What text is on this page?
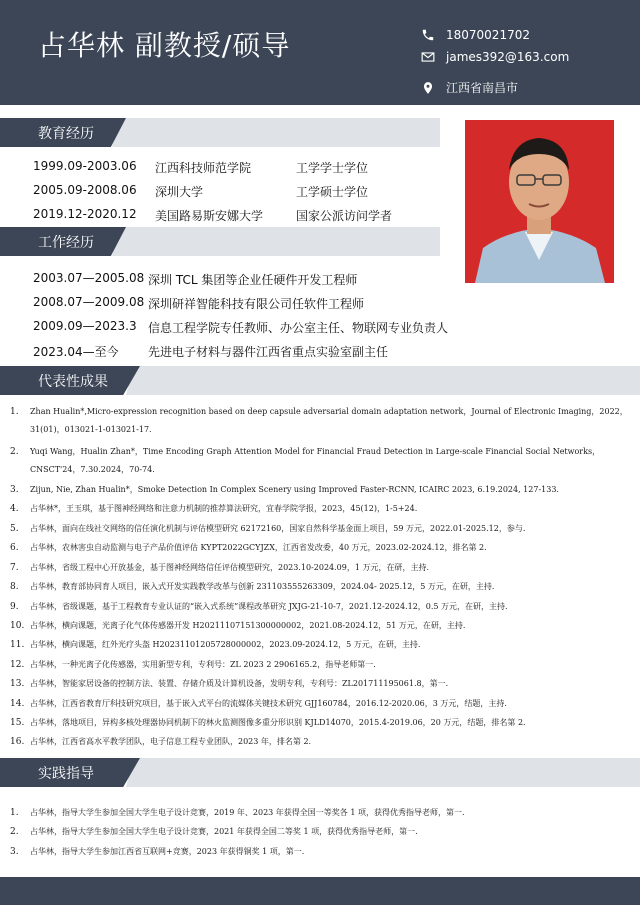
占华林 副教授/硕导	18070021702
james392@163.com
江西省南昌市
教育经历
1999.09-2003.06 江西科技师范学院	工学学士学位
2005.09-2008.06 深圳大学	工学硕士学位
2019.12-2020.12 美国路易斯安娜大学	国家公派访问学者
工作经历
2003.07—2005.08 深圳 TCL 集团等企业任硬件开发工程师
2008.07—2009.08 深圳研祥智能科技有限公司任软件工程师
2009.09—2023.3 信息工程学院专任教师、办公室主任、物联网专业负责人
2023.04—至今 先进电子材料与器件江西省重点实验室副主任
代表性成果
1.	Zhan Hualin*,Micro-expression recognition based on deep capsule adversarial domain adaptation network，Journal of Electronic Imaging，2022，
31(01)，013021-1-013021-17.
2.	Yuqi Wang，Hualin Zhan*，Time Encoding Graph Attention Model for Financial Fraud Detection in Large-scale Financial Social Networks，
CNSCT'24，7.30.2024，70-74.
3.	Zijun, Nie, Zhan Hualin*，Smoke Detection In Complex Scenery using Improved Faster-RCNN, ICAIRC 2023, 6.19.2024, 127-133.
4.	占华林*，王玉琪，基于图神经网络和注意力机制的推荐算法研究，宜春学院学报，2023，45(12)，1-5+24.
5.	占华林，面向在线社交网络的信任演化机制与评估模型研究 62172160，国家自然科学基金面上项目，59 万元，2022.01-2025.12，参与.
6.	占华林，农林害虫自动监测与电子产品价值评估 KYPT2022GCYJZX，江西省发改委，40 万元，2023.02-2024.12，排名第 2.
7.	占华林，省级工程中心开放基金，基于图神经网络信任评估模型研究，2023.10-2024.09，1 万元，在研，主持.
8.	占华林，教育部协同育人项目，嵌入式开发实践教学改革与创新 231103555263309，2024.04- 2025.12，5 万元，在研，主持.
9.	占华林，省级课题，基于工程教育专业认证的“嵌入式系统”课程改革研究 JXJG-21-10-7，2021.12-2024.12，0.5 万元，在研，主持.
10. 占华林，横向课题，光离子化气体传感器开发 H20211107151300000002，2021.08-2024.12，51 万元，在研，主持.
11. 占华林，横向课题，红外光疗头盔 H20231101205728000002，2023.09-2024.12，5 万元，在研，主持.
12. 占华林，一种光离子化传感器，实用新型专利，专利号：ZL 2023 2 2906165.2，指导老师第一.
13. 占华林，智能家居设备的控制方法、装置、存储介质及计算机设备，发明专利，专利号：ZL201711195061.8，第一.
14. 占华林，江西省教育厅科技研究项目，基于嵌入式平台的流媒体关键技术研究 GJJ160784，2016.12-2020.06，3 万元，结题，主持.
15. 占华林，落地项目，异构多核处理器协同机制下的林火监测图像多重分形识别 KJLD14070，2015.4-2019.06，20 万元，结题，排名第 2.
16. 占华林，江西省高水平教学团队，电子信息工程专业团队，2023 年，排名第 2.
实践指导
1.	占华林，指导大学生参加全国大学生电子设计竞赛，2019 年、2023 年获得全国一等奖各 1 项，获得优秀指导老师，第一.
2.	占华林，指导大学生参加全国大学生电子设计竞赛，2021 年获得全国二等奖 1 项，获得优秀指导老师，第一.
3.	占华林，指导大学生参加江西省互联网+竞赛，2023 年获得铜奖 1 项，第一.
